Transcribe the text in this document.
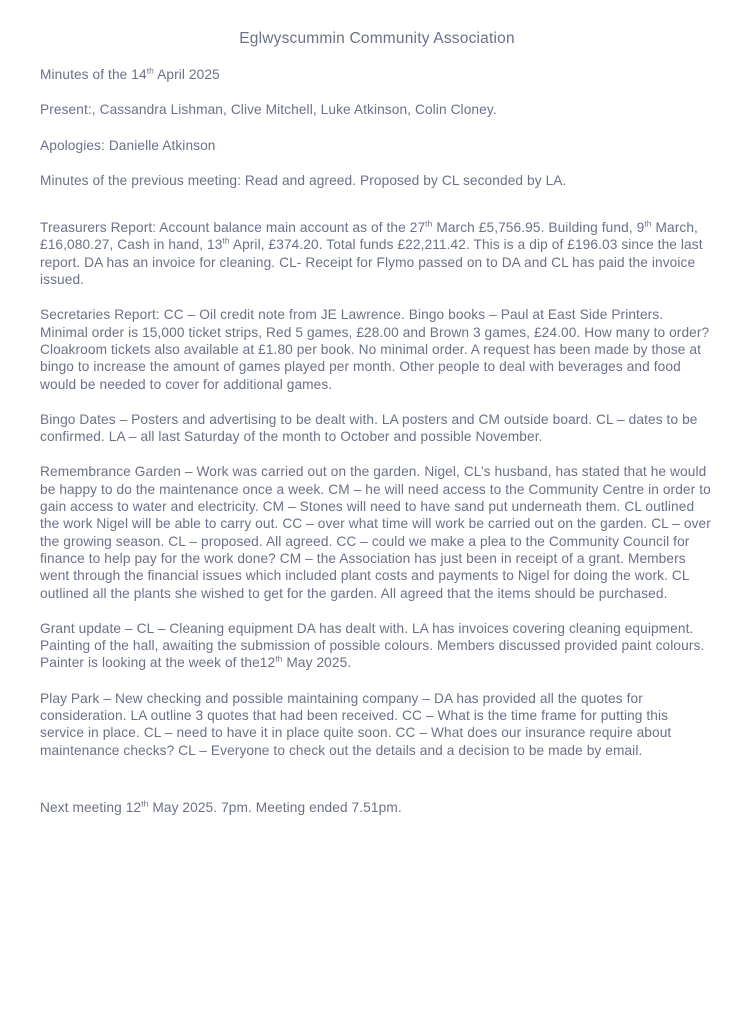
Eglwyscummin Community Association

Minutes of the 14th April 2025

Present:, Cassandra Lishman, Clive Mitchell, Luke Atkinson, Colin Cloney.

Apologies: Danielle Atkinson

Minutes of the previous meeting: Read and agreed. Proposed by CL seconded by LA.

Treasurers Report: Account balance main account as of the 27th March £5,756.95. Building fund, 9th March, £16,080.27, Cash in hand, 13th April, £374.20. Total funds £22,211.42. This is a dip of £196.03 since the last report. DA has an invoice for cleaning. CL- Receipt for Flymo passed on to DA and CL has paid the invoice issued.

Secretaries Report: CC – Oil credit note from JE Lawrence. Bingo books – Paul at East Side Printers. Minimal order is 15,000 ticket strips, Red 5 games, £28.00 and Brown 3 games, £24.00. How many to order? Cloakroom tickets also available at £1.80 per book. No minimal order. A request has been made by those at bingo to increase the amount of games played per month. Other people to deal with beverages and food would be needed to cover for additional games.

Bingo Dates – Posters and advertising to be dealt with. LA posters and CM outside board. CL – dates to be confirmed. LA – all last Saturday of the month to October and possible November.

Remembrance Garden – Work was carried out on the garden. Nigel, CL’s husband, has stated that he would be happy to do the maintenance once a week. CM – he will need access to the Community Centre in order to gain access to water and electricity. CM – Stones will need to have sand put underneath them. CL outlined the work Nigel will be able to carry out. CC – over what time will work be carried out on the garden. CL – over the growing season. CL – proposed. All agreed. CC – could we make a plea to the Community Council for finance to help pay for the work done? CM – the Association has just been in receipt of a grant. Members went through the financial issues which included plant costs and payments to Nigel for doing the work. CL outlined all the plants she wished to get for the garden. All agreed that the items should be purchased.

Grant update – CL – Cleaning equipment DA has dealt with. LA has invoices covering cleaning equipment. Painting of the hall, awaiting the submission of possible colours. Members discussed provided paint colours. Painter is looking at the week of the12th May 2025.

Play Park – New checking and possible maintaining company – DA has provided all the quotes for consideration. LA outline 3 quotes that had been received. CC – What is the time frame for putting this service in place. CL – need to have it in place quite soon. CC – What does our insurance require about maintenance checks? CL – Everyone to check out the details and a decision to be made by email.

Next meeting 12th May 2025. 7pm. Meeting ended 7.51pm.
